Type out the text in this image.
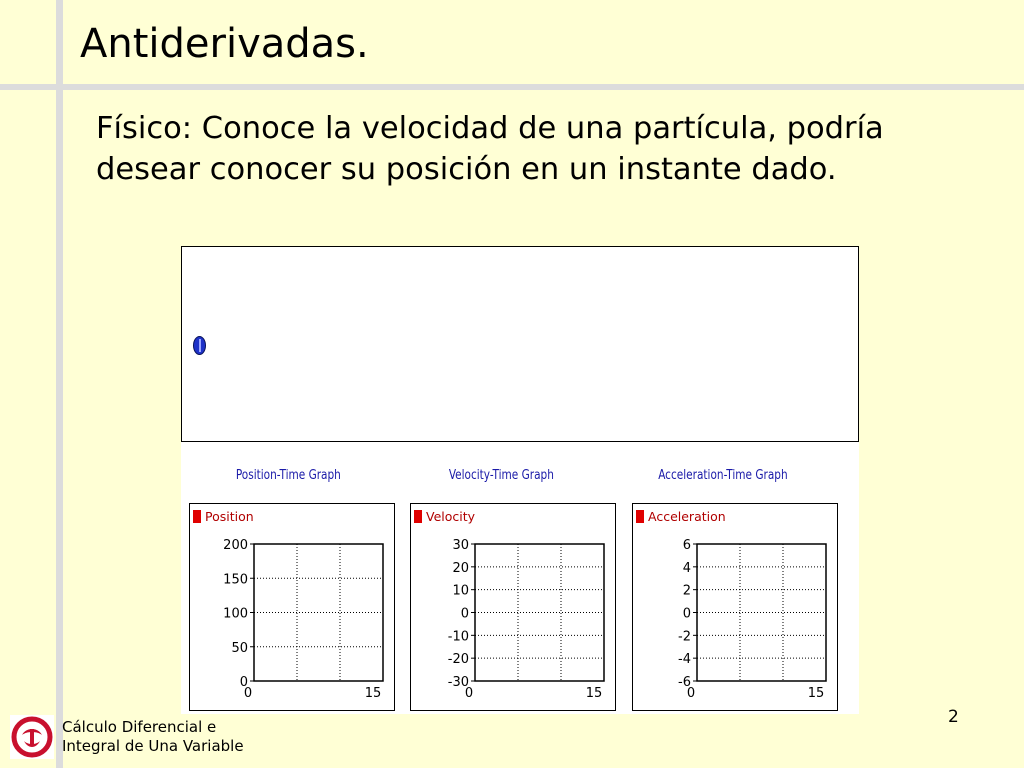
Antiderivadas.

Físico: Conoce la velocidad de una partícula, podría desear conocer su posición en un instante dado.

Position-Time Graph	Velocity-Time Graph	Acceleration-Time Graph
Position
200
150
100
50
0
0	15
Velocity
30
20
10
0
-10
-20
-30
0	15
Acceleration
6
4
2
0
-2
-4
-6
0	15

Cálculo Diferencial e
Integral de Una Variable

2
